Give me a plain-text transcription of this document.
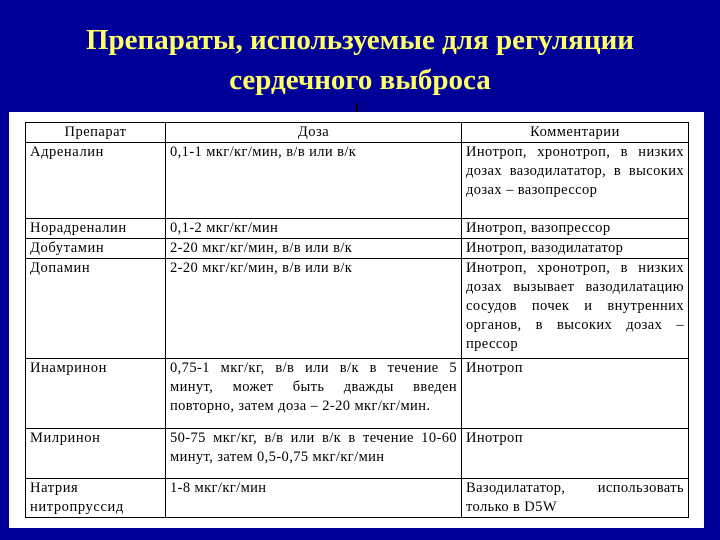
Препараты, используемые для регуляции
сердечного выброса
Препарат	Доза	Комментарии
Адреналин	0,1-1 мкг/кг/мин, в/в или в/к	Инотроп, хронотроп, в низких дозах вазодилататор, в высоких дозах – вазопрессор
Норадреналин	0,1-2 мкг/кг/мин	Инотроп, вазопрессор
Добутамин	2-20 мкг/кг/мин, в/в или в/к	Инотроп, вазодилататор
Допамин	2-20 мкг/кг/мин, в/в или в/к	Инотроп, хронотроп, в низких дозах вызывает вазодилатацию сосудов почек и внутренних органов, в высоких дозах – прессор
Инамринон	0,75-1 мкг/кг, в/в или в/к в течение 5 минут, может быть дважды введен повторно, затем доза – 2-20 мкг/кг/мин.	Инотроп
Милринон	50-75 мкг/кг, в/в или в/к в течение 10-60 минут, затем 0,5-0,75 мкг/кг/мин	Инотроп
Натрия нитропруссид	1-8 мкг/кг/мин	Вазодилататор, использовать только в D5W
